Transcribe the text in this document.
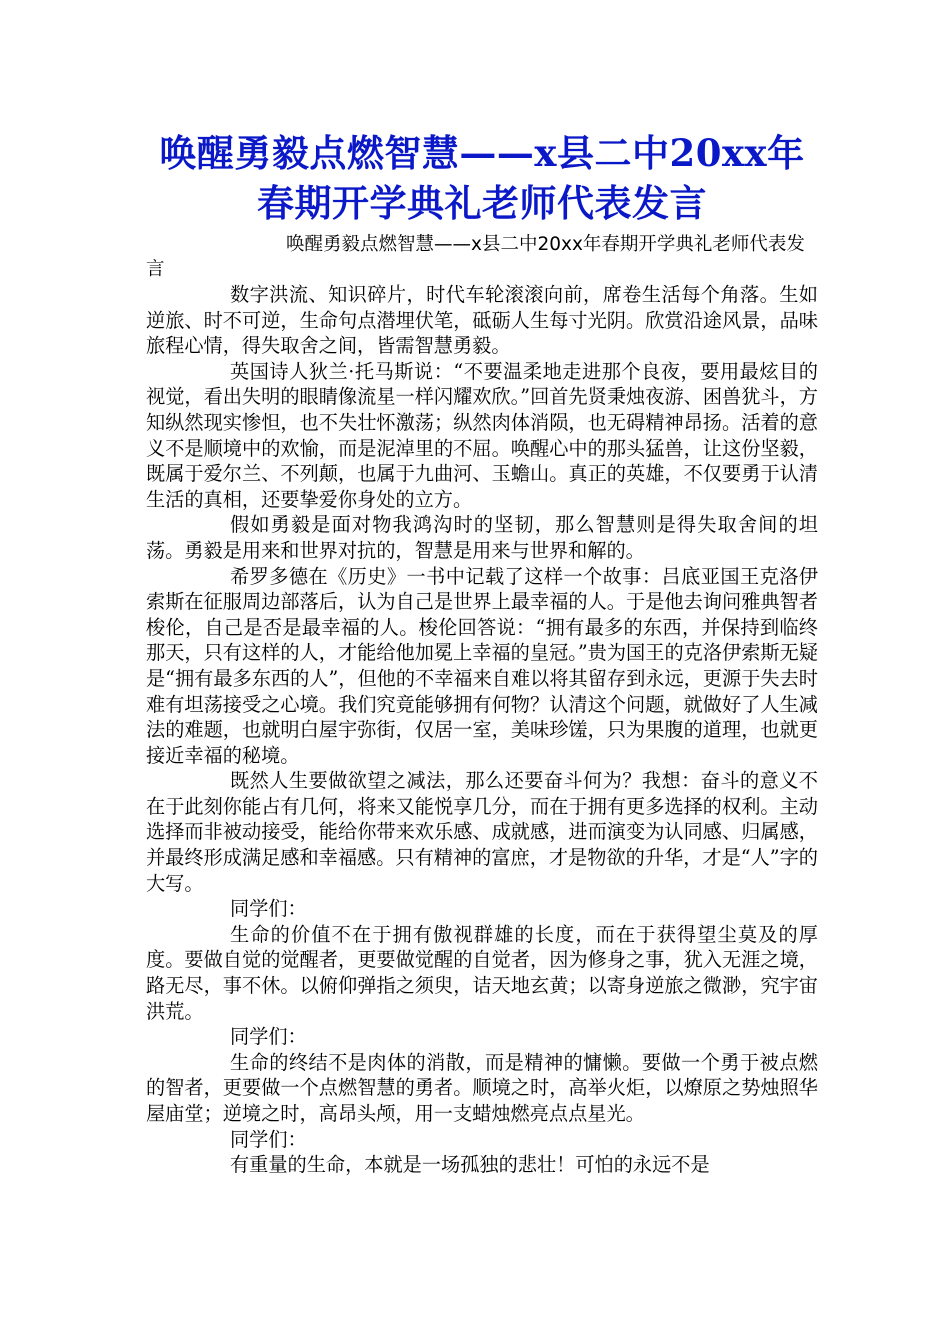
唤醒勇毅点燃智慧——x县二中20xx年春期开学典礼老师代表发言

唤醒勇毅点燃智慧——x县二中20xx年春期开学典礼老师代表发言

数字洪流、知识碎片，时代车轮滚滚向前，席卷生活每个角落。生如逆旅、时不可逆，生命句点潜埋伏笔，砥砺人生每寸光阴。欣赏沿途风景，品味旅程心情，得失取舍之间，皆需智慧勇毅。

英国诗人狄兰·托马斯说：“不要温柔地走进那个良夜，要用最炫目的视觉，看出失明的眼睛像流星一样闪耀欢欣。”回首先贤秉烛夜游、困兽犹斗，方知纵然现实惨怛，也不失壮怀激荡；纵然肉体消陨，也无碍精神昂扬。活着的意义不是顺境中的欢愉，而是泥淖里的不屈。唤醒心中的那头猛兽，让这份坚毅，既属于爱尔兰、不列颠，也属于九曲河、玉蟾山。真正的英雄，不仅要勇于认清生活的真相，还要挚爱你身处的立方。

假如勇毅是面对物我鸿沟时的坚韧，那么智慧则是得失取舍间的坦荡。勇毅是用来和世界对抗的，智慧是用来与世界和解的。

希罗多德在《历史》一书中记载了这样一个故事：吕底亚国王克洛伊索斯在征服周边部落后，认为自己是世界上最幸福的人。于是他去询问雅典智者梭伦，自己是否是最幸福的人。梭伦回答说：“拥有最多的东西，并保持到临终那天，只有这样的人，才能给他加冕上幸福的皇冠。”贵为国王的克洛伊索斯无疑是“拥有最多东西的人”，但他的不幸福来自难以将其留存到永远，更源于失去时难有坦荡接受之心境。我们究竟能够拥有何物？认清这个问题，就做好了人生减法的难题，也就明白屋宇弥街，仅居一室，美味珍馐，只为果腹的道理，也就更接近幸福的秘境。

既然人生要做欲望之减法，那么还要奋斗何为？我想：奋斗的意义不在于此刻你能占有几何，将来又能悦享几分，而在于拥有更多选择的权利。主动选择而非被动接受，能给你带来欢乐感、成就感，进而演变为认同感、归属感，并最终形成满足感和幸福感。只有精神的富庶，才是物欲的升华，才是“人”字的大写。

同学们：

生命的价值不在于拥有傲视群雄的长度，而在于获得望尘莫及的厚度。要做自觉的觉醒者，更要做觉醒的自觉者，因为修身之事，犹入无涯之境，路无尽，事不休。以俯仰弹指之须臾，诘天地玄黄；以寄身逆旅之微渺，究宇宙洪荒。

同学们：

生命的终结不是肉体的消散，而是精神的慵懒。要做一个勇于被点燃的智者，更要做一个点燃智慧的勇者。顺境之时，高举火炬，以燎原之势烛照华屋庙堂；逆境之时，高昂头颅，用一支蜡烛燃亮点点星光。

同学们：

有重量的生命，本就是一场孤独的悲壮！可怕的永远不是
